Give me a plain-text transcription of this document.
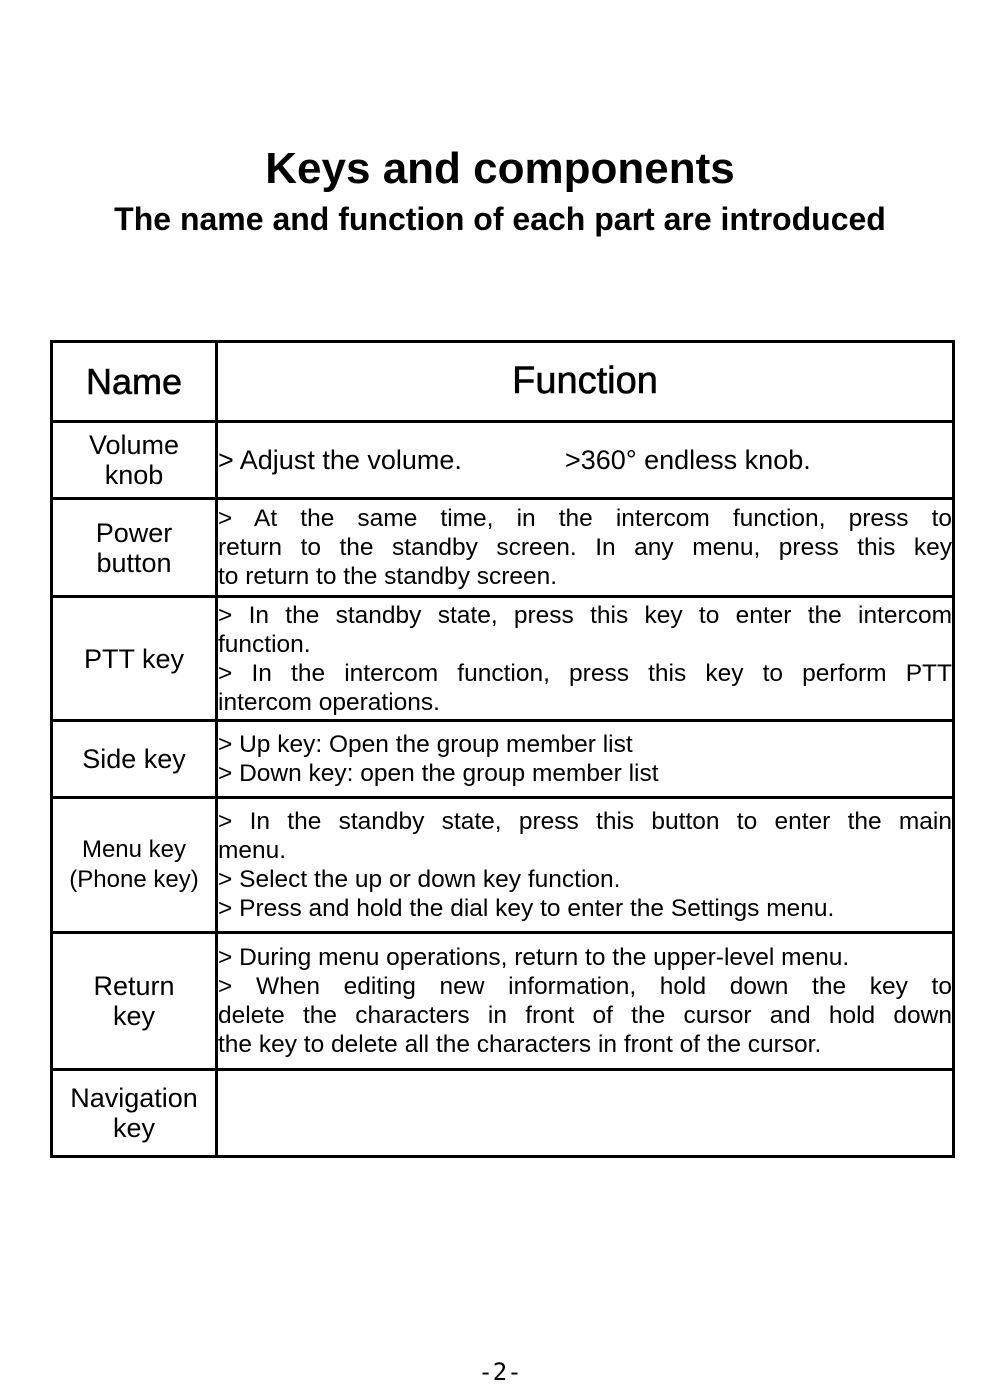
Keys and components
The name and function of each part are introduced
Name	Function

Volume
knob	> Adjust the volume. >360° endless knob.

Power
button	> At the same time, in the intercom function, press to
return to the standby screen. In any menu, press this key
to return to the standby screen.

PTT key	> In the standby state, press this key to enter the intercom
function.
> In the intercom function, press this key to perform PTT
intercom operations.

Side key	> Up key: Open the group member list
> Down key: open the group member list

Menu key
(Phone key)	> In the standby state, press this button to enter the main
menu.
> Select the up or down key function.
> Press and hold the dial key to enter the Settings menu.

Return
key	> During menu operations, return to the upper-level menu.
> When editing new information, hold down the key to
delete the characters in front of the cursor and hold down
the key to delete all the characters in front of the cursor.

Navigation
key	

-2-
